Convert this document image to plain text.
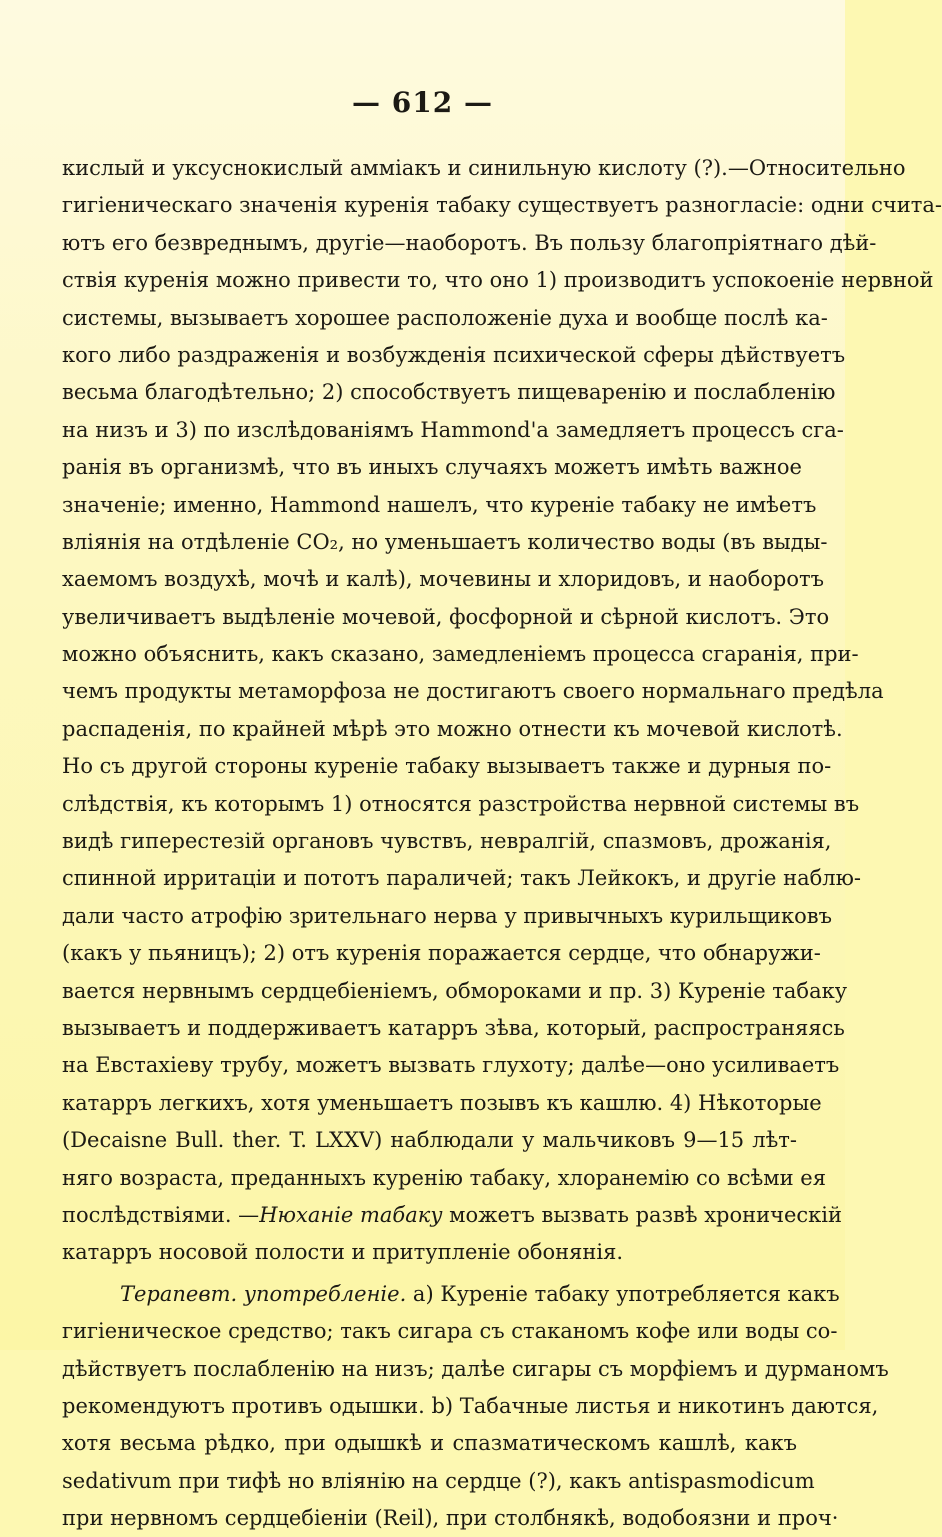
— 612 —
кислый и уксуснокислый аммiакъ и синильную кислоту (?).—Относительно
гигiеническаго значенiя куренiя табаку существуетъ разногласiе: одни счита-
ютъ его безвреднымъ, другiе—наоборотъ. Въ пользу благопрiятнаго дѣй-
ствiя куренiя можно привести то, что оно 1) производитъ успокоенiе нервной
системы, вызываетъ хорошее расположенiе духа и вообще послѣ ка-
кого либо раздраженiя и возбужденiя психической сферы дѣйствуетъ
весьма благодѣтельно; 2) способствуетъ пищеваренiю и послабленiю
на низъ и 3) по изслѣдованiямъ Hammond'а замедляетъ процессъ сга-
ранiя въ организмѣ, что въ иныхъ случаяхъ можетъ имѣть важное
значенiе; именно, Hammond нашелъ, что куренiе табаку не имѣетъ
влiянiя на отдѣленiе CO₂, но уменьшаетъ количество воды (въ выды-
хаемомъ воздухѣ, мочѣ и калѣ), мочевины и хлоридовъ, и наоборотъ
увеличиваетъ выдѣленiе мочевой, фосфорной и сѣрной кислотъ. Это
можно объяснить, какъ сказано, замедленiемъ процесса сгаранiя, при-
чемъ продукты метаморфоза не достигаютъ своего нормальнаго предѣла
распаденiя, по крайней мѣрѣ это можно отнести къ мочевой кислотѣ.
Но съ другой стороны куренiе табаку вызываетъ также и дурныя по-
слѣдствiя, къ которымъ 1) относятся разстройства нервной системы въ
видѣ гиперестезiй органовъ чувствъ, невралгiй, спазмовъ, дрожанiя,
спинной ирритацiи и пототъ параличей; такъ Лейкокъ, и другiе наблю-
дали часто атрофiю зрительнаго нерва у привычныхъ курильщиковъ
(какъ у пьяницъ); 2) отъ куренiя поражается сердце, что обнаружи-
вается нервнымъ сердцебiенiемъ, обмороками и пр. 3) Куренiе табаку
вызываетъ и поддерживаетъ катарръ зѣва, который, распространяясь
на Евстахiеву трубу, можетъ вызвать глухоту; далѣе—оно усиливаетъ
катарръ легкихъ, хотя уменьшаетъ позывъ къ кашлю. 4) Нѣкоторые
(Decaisne Bull. ther. T. LXXV) наблюдали у мальчиковъ 9—15 лѣт-
няго возраста, преданныхъ куренiю табаку, хлоранемiю со всѣми ея
послѣдствiями. —Нюханiе табаку можетъ вызвать развѣ хроническiй
катарръ носовой полости и притупленiе обонянiя.
Терапевт. употребленiе. а) Куренiе табаку употребляется какъ
гигiеническое средство; такъ сигара съ стаканомъ кофе или воды со-
дѣйствуетъ послабленiю на низъ; далѣе сигары съ морфiемъ и дурманомъ
рекомендуютъ противъ одышки. b) Табачные листья и никотинъ даются,
хотя весьма рѣдко, при одышкѣ и спазматическомъ кашлѣ, какъ
sedativum при тифѣ но влiянiю на сердце (?), какъ antispasmodicum
при нервномъ сердцебiенiи (Reil), при столбнякѣ, водобоязни и проч·
